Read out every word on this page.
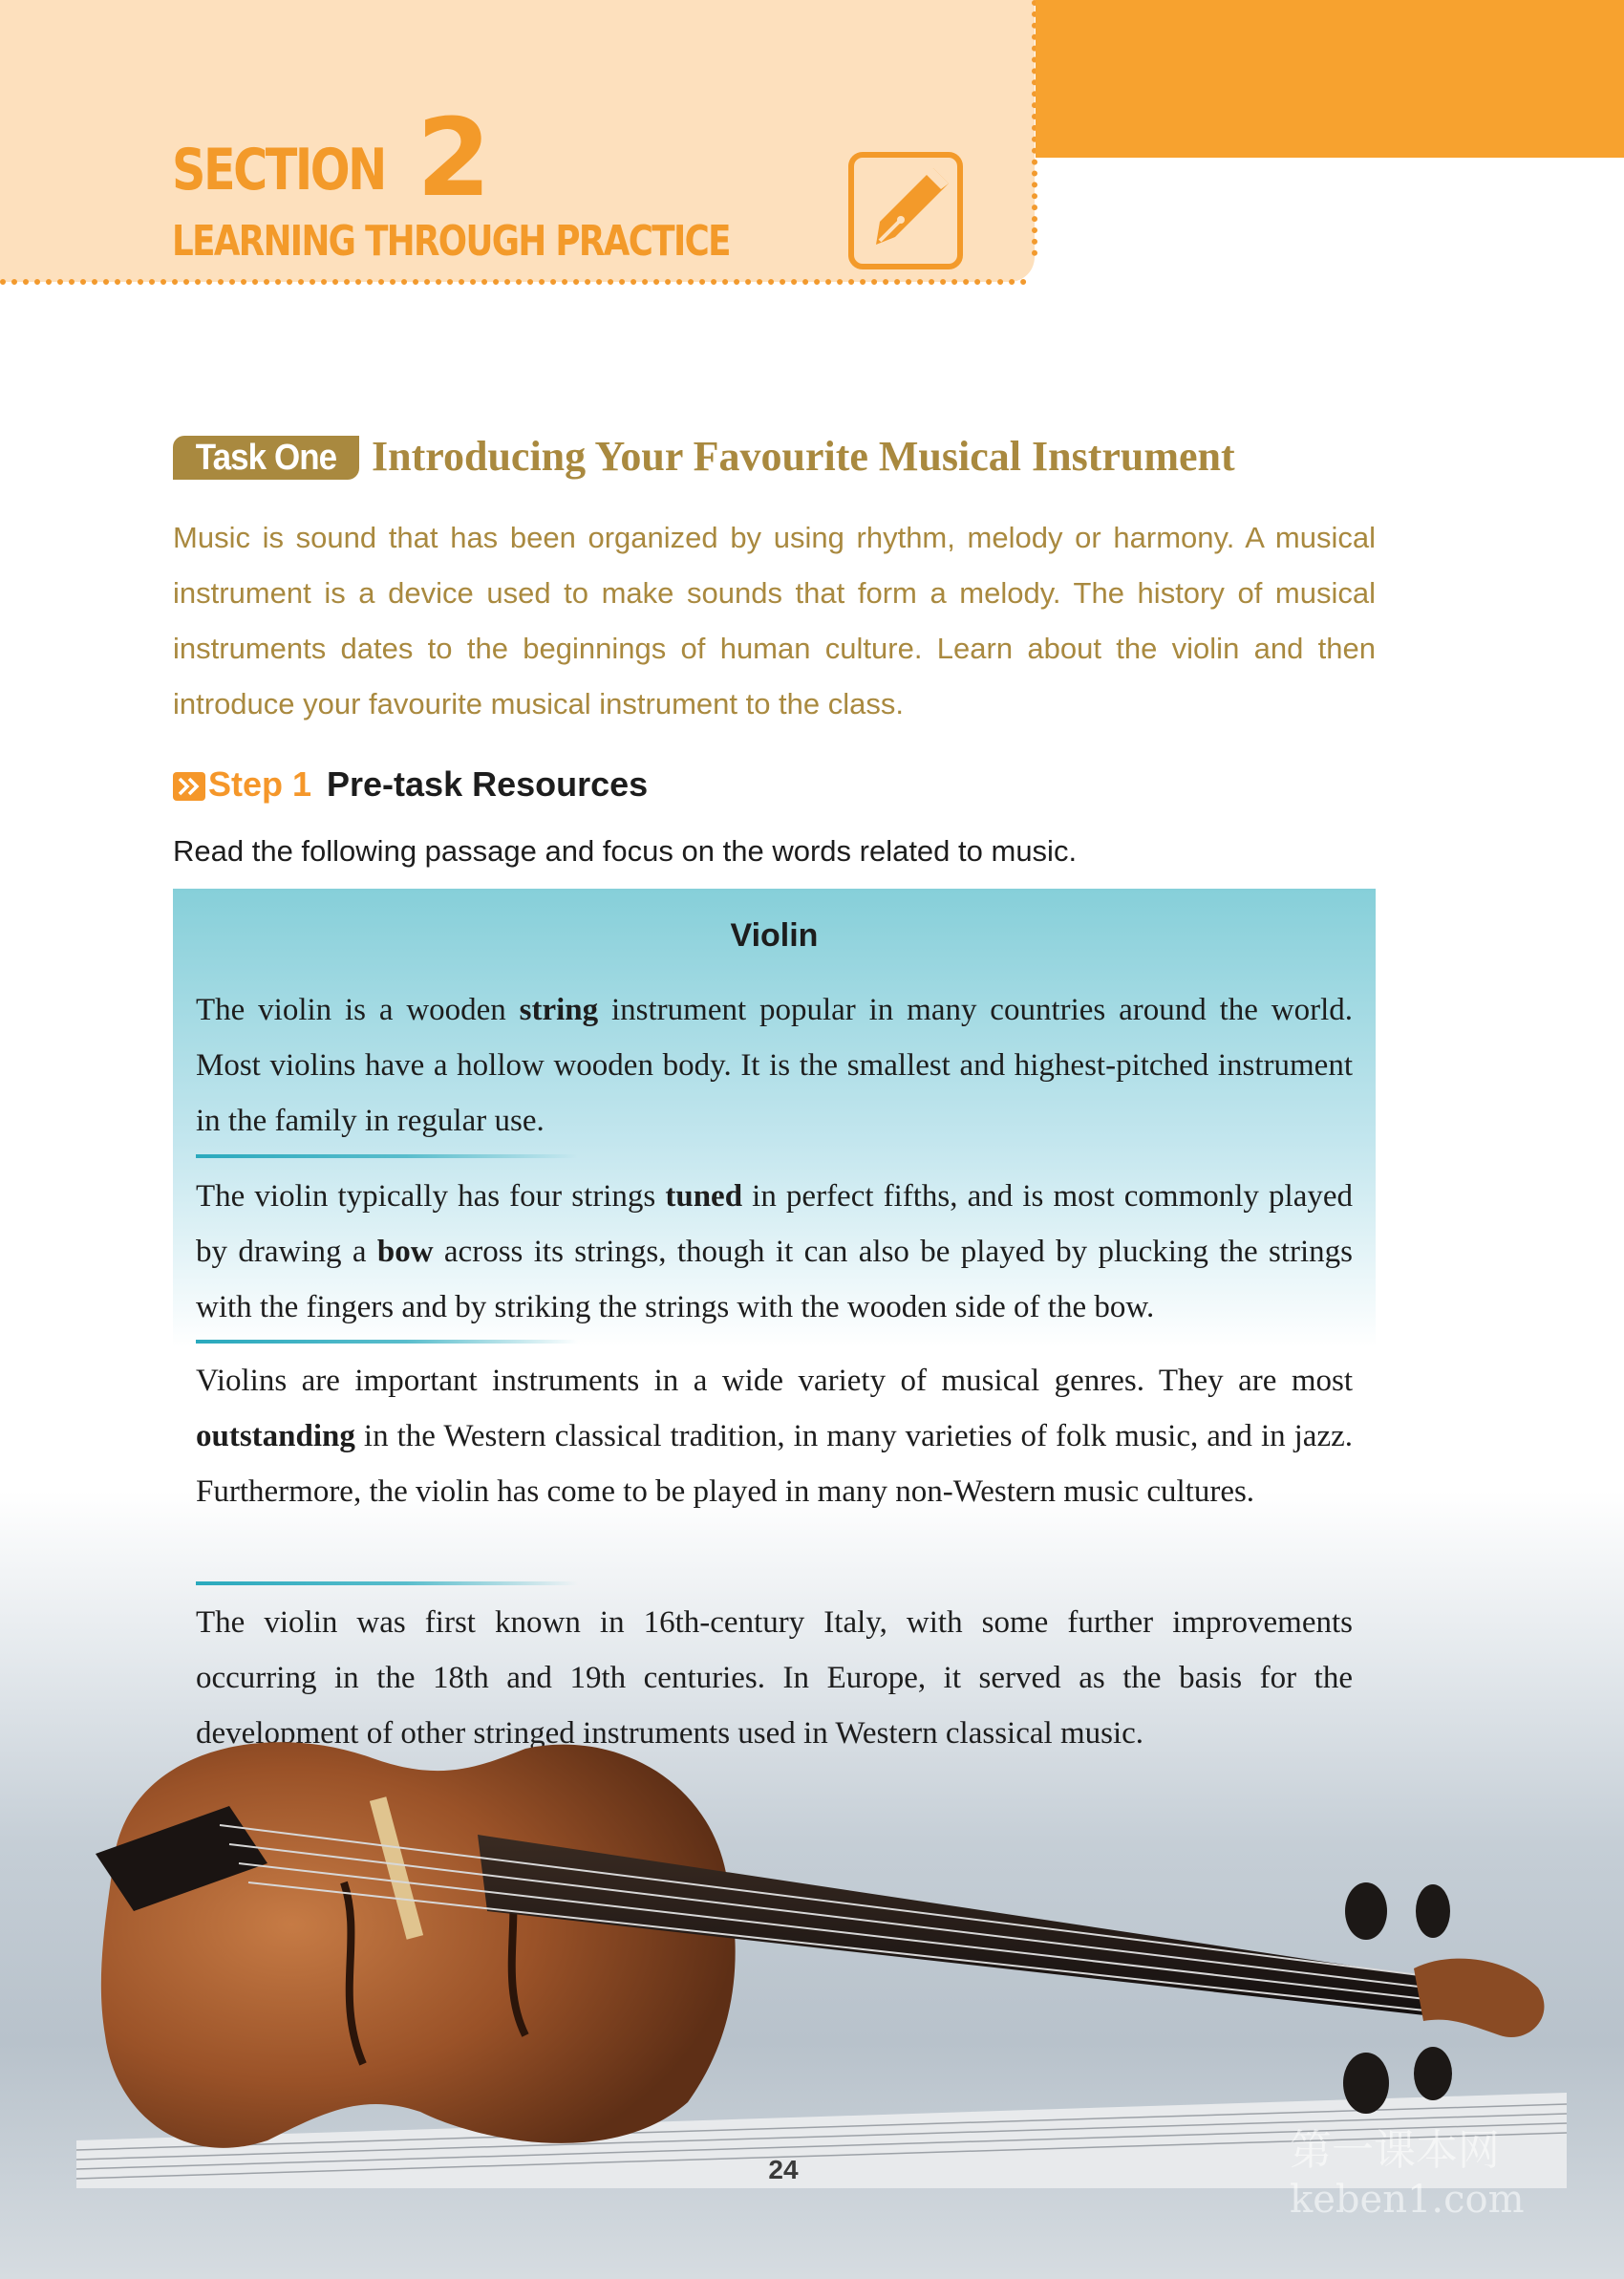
SECTION 2
LEARNING THROUGH PRACTICE
Task One Introducing Your Favourite Musical Instrument
Music is sound that has been organized by using rhythm, melody or harmony. A musical instrument is a device used to make sounds that form a melody. The history of musical instruments dates to the beginnings of human culture. Learn about the violin and then introduce your favourite musical instrument to the class.
Step 1 Pre-task Resources
Read the following passage and focus on the words related to music.
Violin
The violin is a wooden string instrument popular in many countries around the world. Most violins have a hollow wooden body. It is the smallest and highest-pitched instrument in the family in regular use.
The violin typically has four strings tuned in perfect fifths, and is most commonly played by drawing a bow across its strings, though it can also be played by plucking the strings with the fingers and by striking the strings with the wooden side of the bow.
Violins are important instruments in a wide variety of musical genres. They are most outstanding in the Western classical tradition, in many varieties of folk music, and in jazz. Furthermore, the violin has come to be played in many non-Western music cultures.
The violin was first known in 16th-century Italy, with some further improvements occurring in the 18th and 19th centuries. In Europe, it served as the basis for the development of other stringed instruments used in Western classical music.
24	第一课本网
keben1.com
